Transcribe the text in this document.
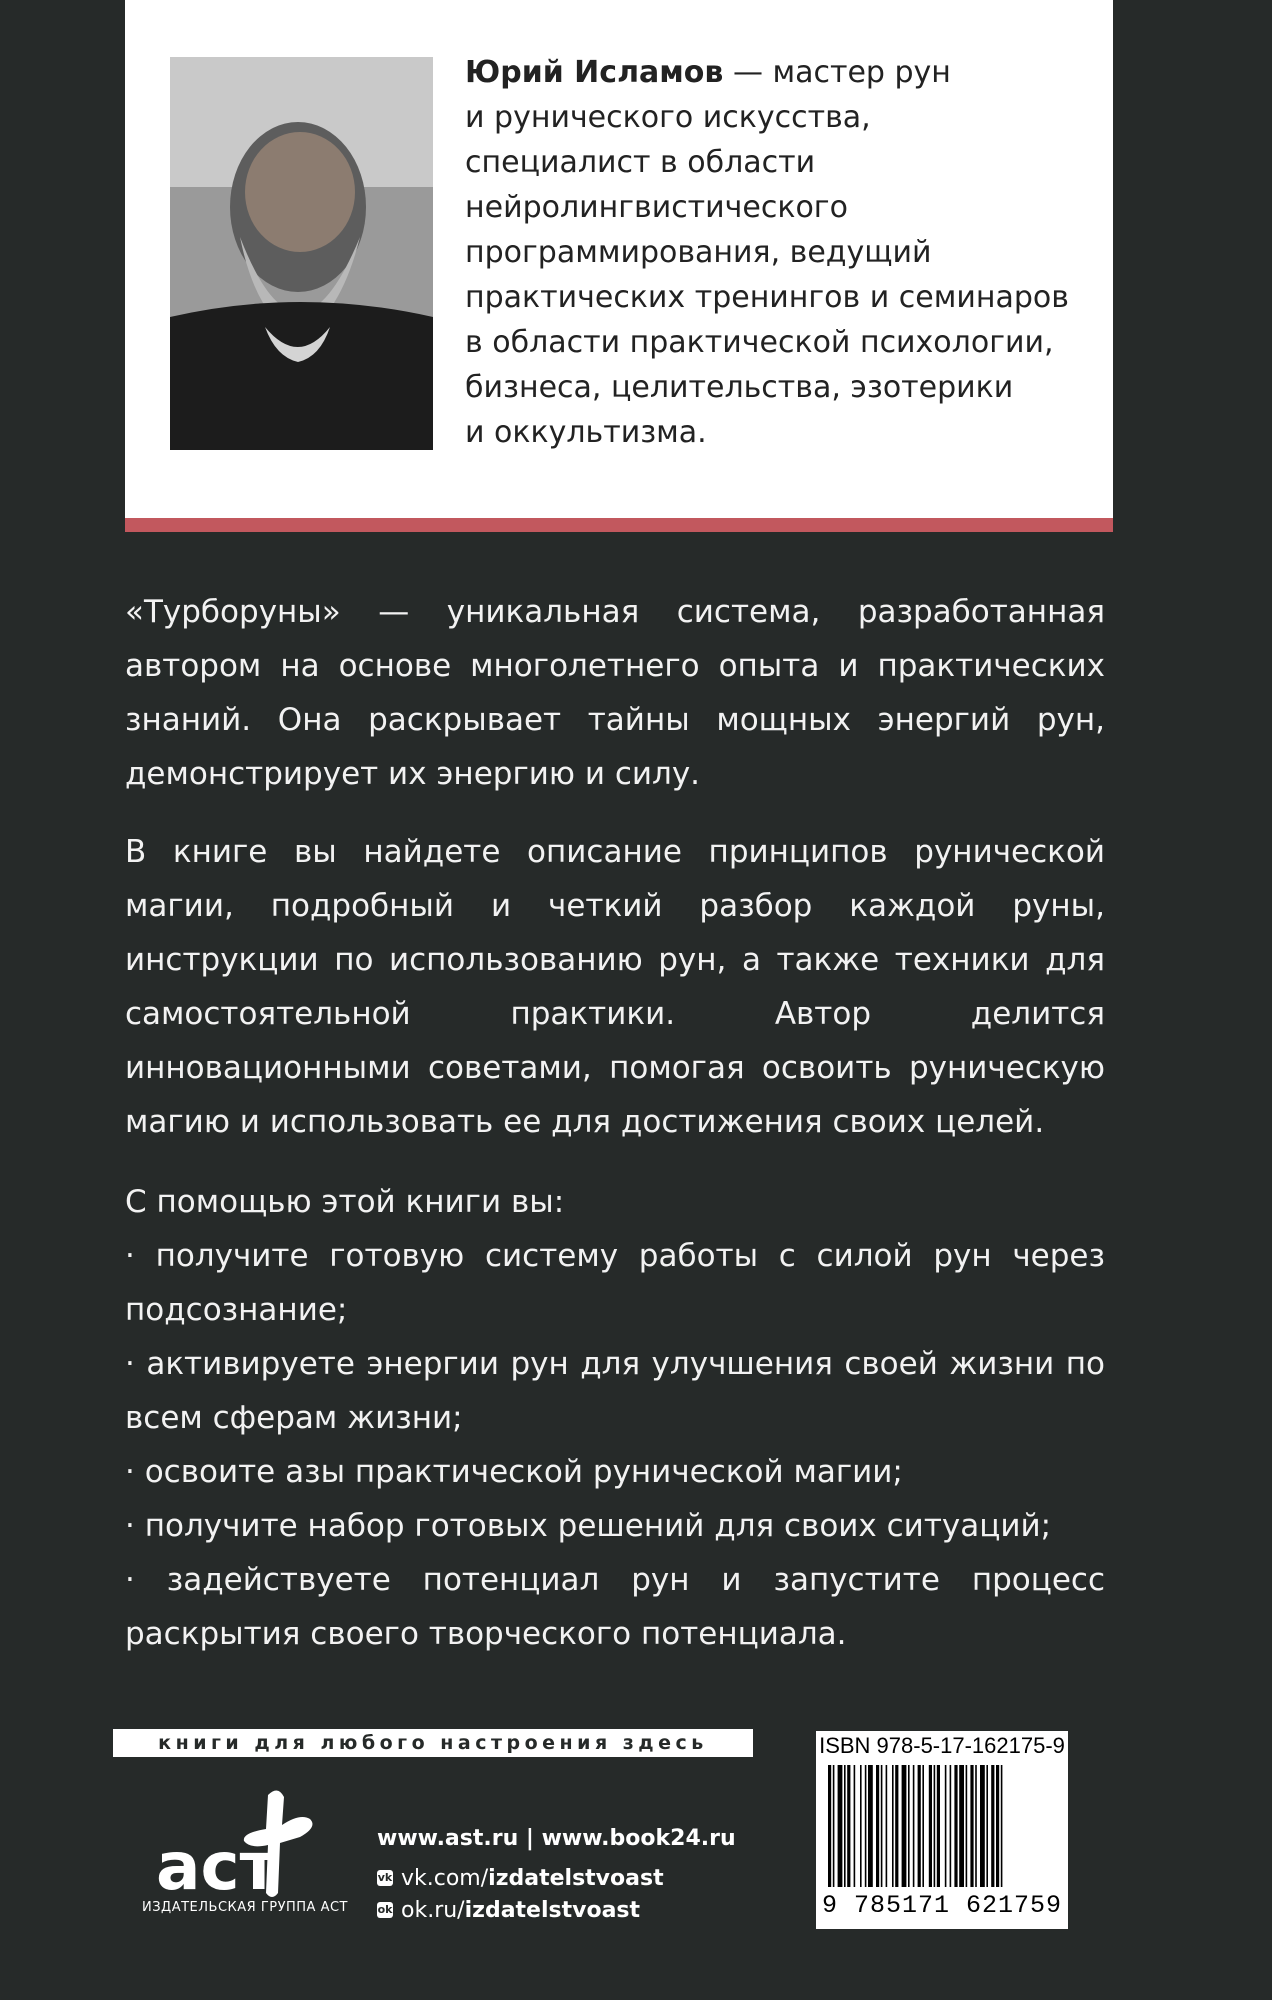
Юрий Исламов — мастер рун
и рунического искусства,
специалист в области
нейролингвистического
программирования, ведущий
практических тренингов и семинаров
в области практической психологии,
бизнеса, целительства, эзотерики
и оккультизма.
«Турборуны» — уникальная система, разработанная автором на основе многолетнего опыта и практических знаний. Она раскрывает тайны мощных энергий рун, демонстрирует их энергию и силу.
В книге вы найдете описание принципов рунической магии, подробный и четкий разбор каждой руны, инструкции по использованию рун, а также техники для самостоятельной практики. Автор делится инновационными советами, помогая освоить руническую магию и использовать ее для достижения своих целей.
С помощью этой книги вы:
· получите готовую систему работы с силой рун через подсознание;
· активируете энергии рун для улучшения своей жизни по всем сферам жизни;
· освоите азы практической рунической магии;
· получите набор готовых решений для своих ситуаций;
· задействуете потенциал рун и запустите процесс раскрытия своего творческого потенциала.
книги для любого настроения здесь
аст
ИЗДАТЕЛЬСКАЯ ГРУППА АСТ
www.ast.ru | www.book24.ru
vk vk.com/ izdatelstvoast
ok ok.ru/ izdatelstvoast
ISBN 978-5-17-162175-9
9 785171 621759
